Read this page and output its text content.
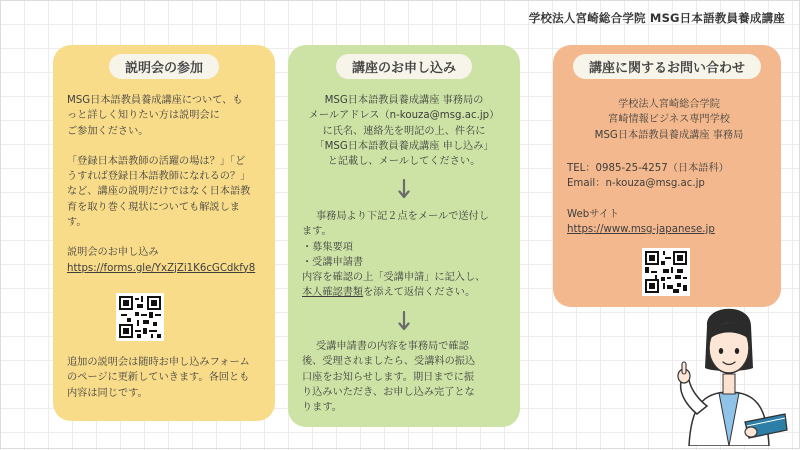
学校法人宮崎総合学院 MSG日本語教員養成講座
説明会の参加

MSG日本語教員養成講座について、も

っと詳しく知りたい方は説明会に

ご参加ください。

「登録日本語教師の活躍の場は？」「ど

うすれば登録日本語教師になれるの？」

など、講座の説明だけではなく日本語教

育を取り巻く現状についても解説しま

す。

説明会のお申し込み

https://forms.gle/YxZjZi1K6cGCdkfy8

追加の説明会は随時お申し込みフォーム

のページに更新していきます。各回とも

内容は同じです。

講座のお申し込み

MSG日本語教員養成講座 事務局の

メールアドレス（n-kouza@msg.ac.jp）

に氏名、連絡先を明記の上、件名に

「MSG日本語教員養成講座 申し込み」

と記載し、メールしてください。

事務局より下記２点をメールで送付し

ます。

・募集要項

・受講申請書

内容を確認の上「受講申請」に記入し、

本人確認書類を添えて返信ください。

受講申請書の内容を事務局で確認

後、受理されましたら、受講料の振込

口座をお知らせします。期日までに振

り込みいただき、お申し込み完了とな

ります。

講座に関するお問い合わせ

学校法人宮崎総合学院

宮崎情報ビジネス専門学校

MSG日本語教員養成講座 事務局

TEL：0985-25-4257（日本語科）

Email：n-kouza@msg.ac.jp

Webサイト

https://www.msg-japanese.jp
